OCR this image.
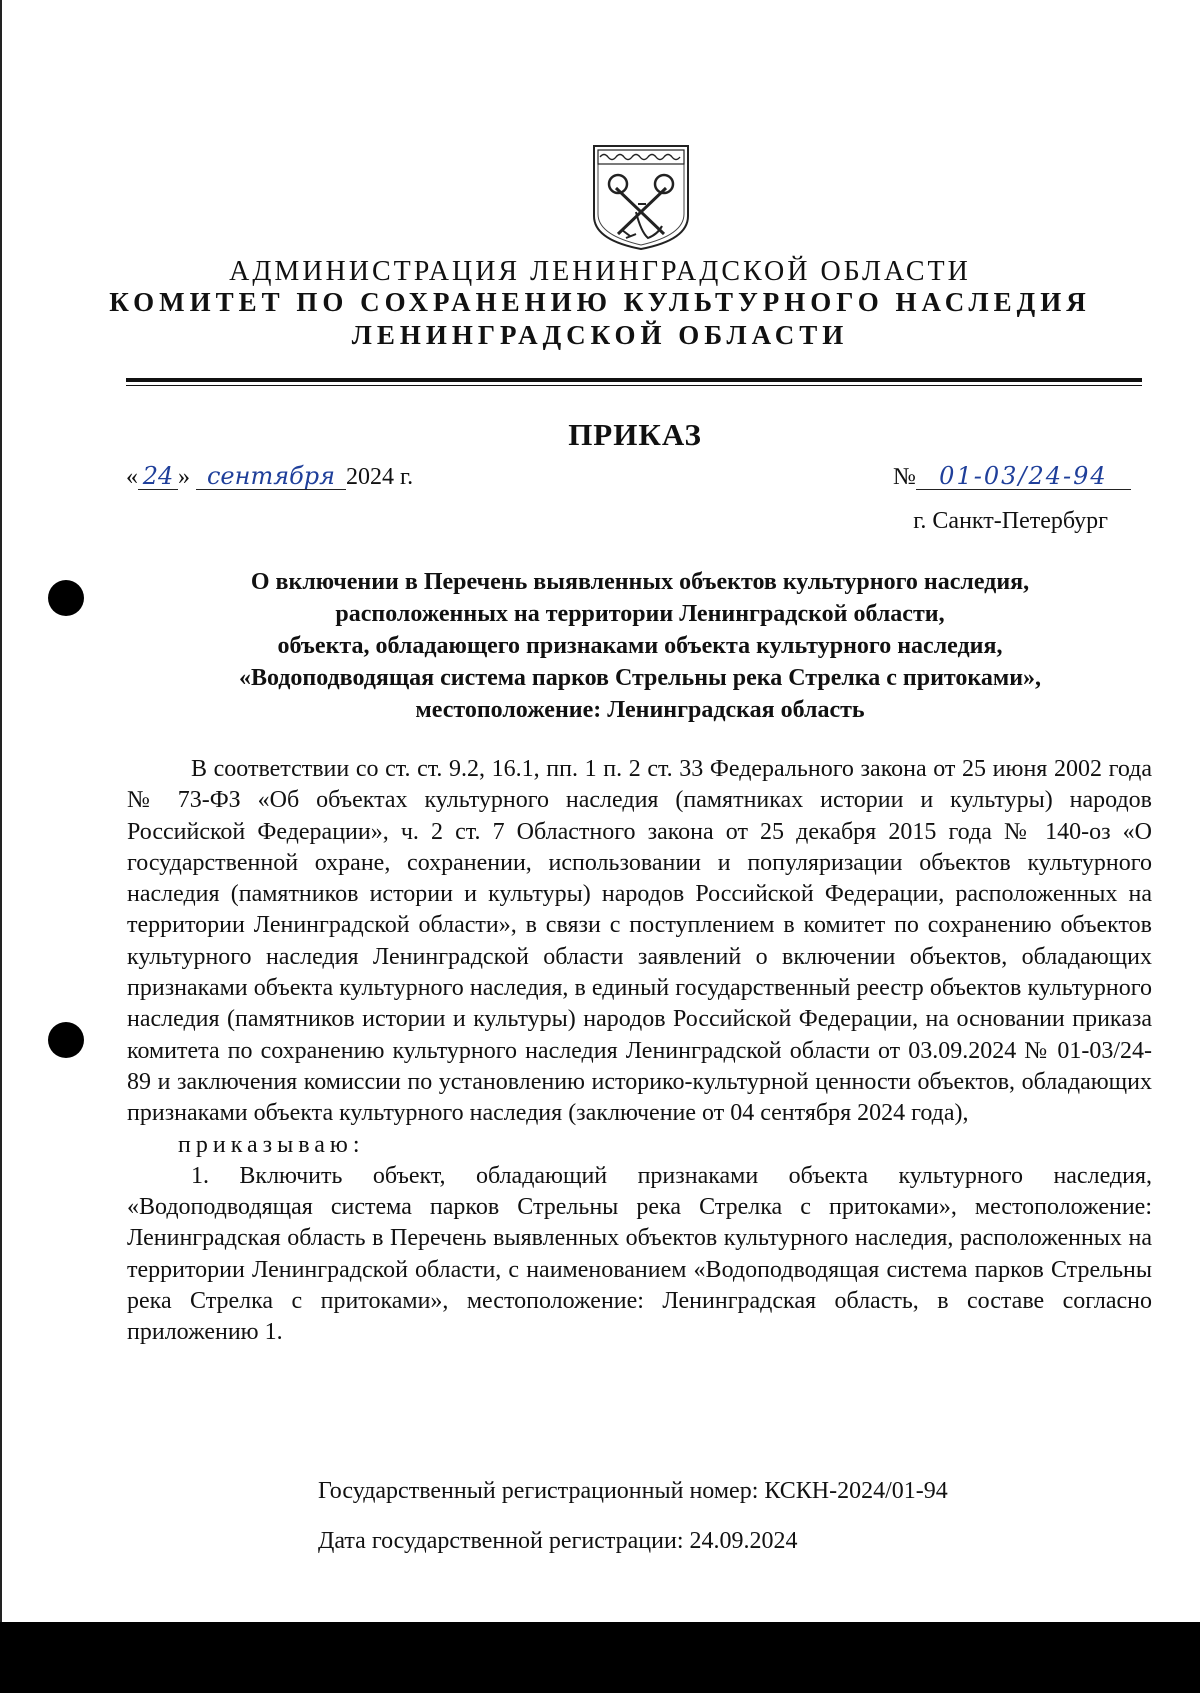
АДМИНИСТРАЦИЯ ЛЕНИНГРАДСКОЙ ОБЛАСТИ
КОМИТЕТ ПО СОХРАНЕНИЮ КУЛЬТУРНОГО НАСЛЕДИЯ
ЛЕНИНГРАДСКОЙ ОБЛАСТИ
ПРИКАЗ
« 24 » сентября 2024 г.	№ 01-03/24-94
г. Санкт-Петербург
О включении в Перечень выявленных объектов культурного наследия,
расположенных на территории Ленинградской области,
объекта, обладающего признаками объекта культурного наследия,
«Водоподводящая система парков Стрельны река Стрелка с притоками»,
местоположение: Ленинградская область

В соответствии со ст. ст. 9.2, 16.1, пп. 1 п. 2 ст. 33 Федерального закона от 25 июня 2002 года № 73-ФЗ «Об объектах культурного наследия (памятниках истории и культуры) народов Российской Федерации», ч. 2 ст. 7 Областного закона от 25 декабря 2015 года № 140-оз «О государственной охране, сохранении, использовании и популяризации объектов культурного наследия (памятников истории и культуры) народов Российской Федерации, расположенных на территории Ленинградской области», в связи с поступлением в комитет по сохранению объектов культурного наследия Ленинградской области заявлений о включении объектов, обладающих признаками объекта культурного наследия, в единый государственный реестр объектов культурного наследия (памятников истории и культуры) народов Российской Федерации, на основании приказа комитета по сохранению культурного наследия Ленинградской области от 03.09.2024 № 01-03/24-89 и заключения комиссии по установлению историко-культурной ценности объектов, обладающих признаками объекта культурного наследия (заключение от 04 сентября 2024 года),

приказываю:

1. Включить объект, обладающий признаками объекта культурного наследия, «Водоподводящая система парков Стрельны река Стрелка с притоками», местоположение: Ленинградская область в Перечень выявленных объектов культурного наследия, расположенных на территории Ленинградской области, с наименованием «Водоподводящая система парков Стрельны река Стрелка с притоками», местоположение: Ленинградская область, в составе согласно приложению 1.

Государственный регистрационный номер: КСКН-2024/01-94
Дата государственной регистрации: 24.09.2024
